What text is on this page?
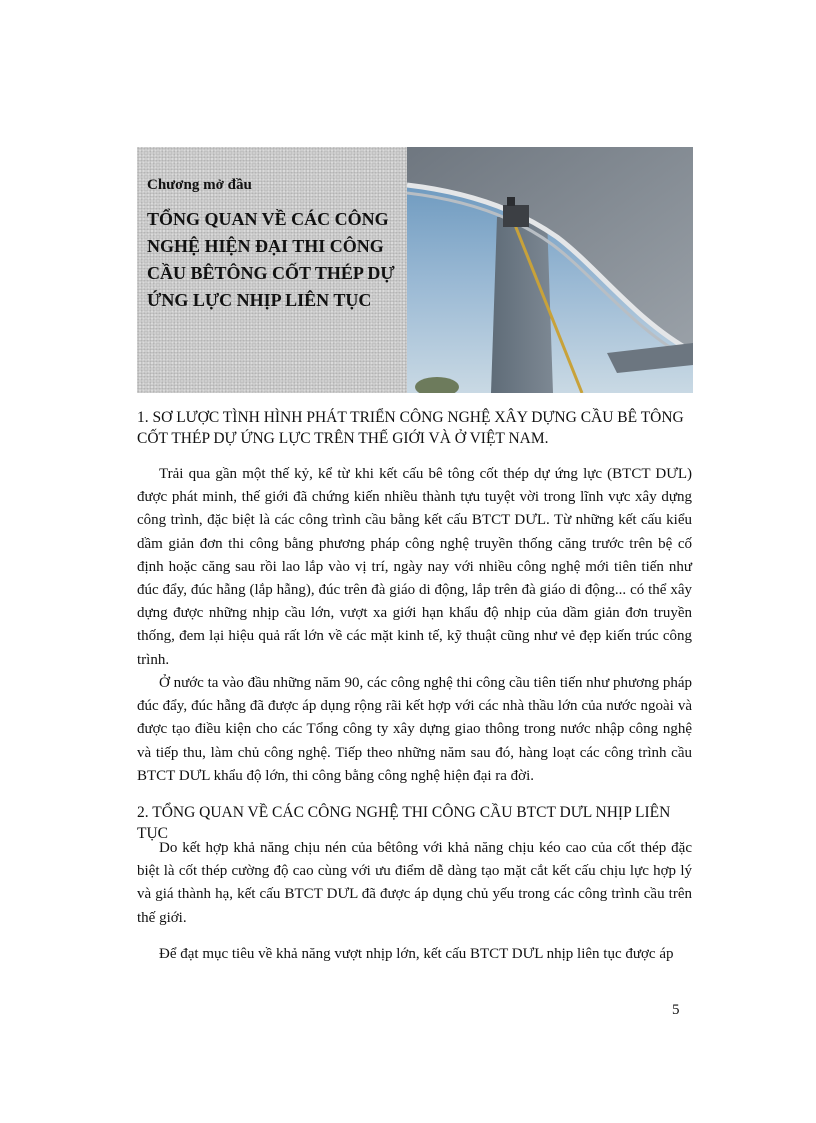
Chương mở đầu

TỔNG QUAN VỀ CÁC CÔNG NGHỆ HIỆN ĐẠI THI CÔNG CẦU BÊTÔNG CỐT THÉP DỰ ỨNG LỰC NHỊP LIÊN TỤC

1. SƠ LƯỢC TÌNH HÌNH PHÁT TRIỂN CÔNG NGHỆ XÂY DỰNG CẦU BÊ TÔNG CỐT THÉP DỰ ỨNG LỰC TRÊN THẾ GIỚI VÀ Ở VIỆT NAM.

Trải qua gần một thế kỷ, kể từ khi kết cấu bê tông cốt thép dự ứng lực (BTCT DƯL) được phát minh, thế giới đã chứng kiến nhiều thành tựu tuyệt vời trong lĩnh vực xây dựng công trình, đặc biệt là các công trình cầu bằng kết cấu BTCT DƯL. Từ những kết cấu kiểu dầm giản đơn thi công bằng phương pháp công nghệ truyền thống căng trước trên bệ cố định hoặc căng sau rồi lao lắp vào vị trí, ngày nay với nhiều công nghệ mới tiên tiến như đúc đẩy, đúc hẫng (lắp hẫng), đúc trên đà giáo di động, lắp trên đà giáo di động... có thể xây dựng được những nhịp cầu lớn, vượt xa giới hạn khẩu độ nhịp của dầm giản đơn truyền thống, đem lại hiệu quả rất lớn về các mặt kinh tế, kỹ thuật cũng như vẻ đẹp kiến trúc công trình.

Ở nước ta vào đầu những năm 90, các công nghệ thi công cầu tiên tiến như phương pháp đúc đẩy, đúc hẫng đã được áp dụng rộng rãi kết hợp với các nhà thầu lớn của nước ngoài và được tạo điều kiện cho các Tổng công ty xây dựng giao thông trong nước nhập công nghệ và tiếp thu, làm chủ công nghệ. Tiếp theo những năm sau đó, hàng loạt các công trình cầu BTCT DƯL khẩu độ lớn, thi công bằng công nghệ hiện đại ra đời.

2. TỔNG QUAN VỀ CÁC CÔNG NGHỆ THI CÔNG CẦU BTCT DƯL NHỊP LIÊN TỤC

Do kết hợp khả năng chịu nén của bêtông với khả năng chịu kéo cao của cốt thép đặc biệt là cốt thép cường độ cao cùng với ưu điểm dễ dàng tạo mặt cắt kết cấu chịu lực hợp lý và giá thành hạ, kết cấu BTCT DƯL đã được áp dụng chủ yếu trong các công trình cầu trên thế giới.

Để đạt mục tiêu về khả năng vượt nhịp lớn, kết cấu BTCT DƯL nhịp liên tục được áp

5
